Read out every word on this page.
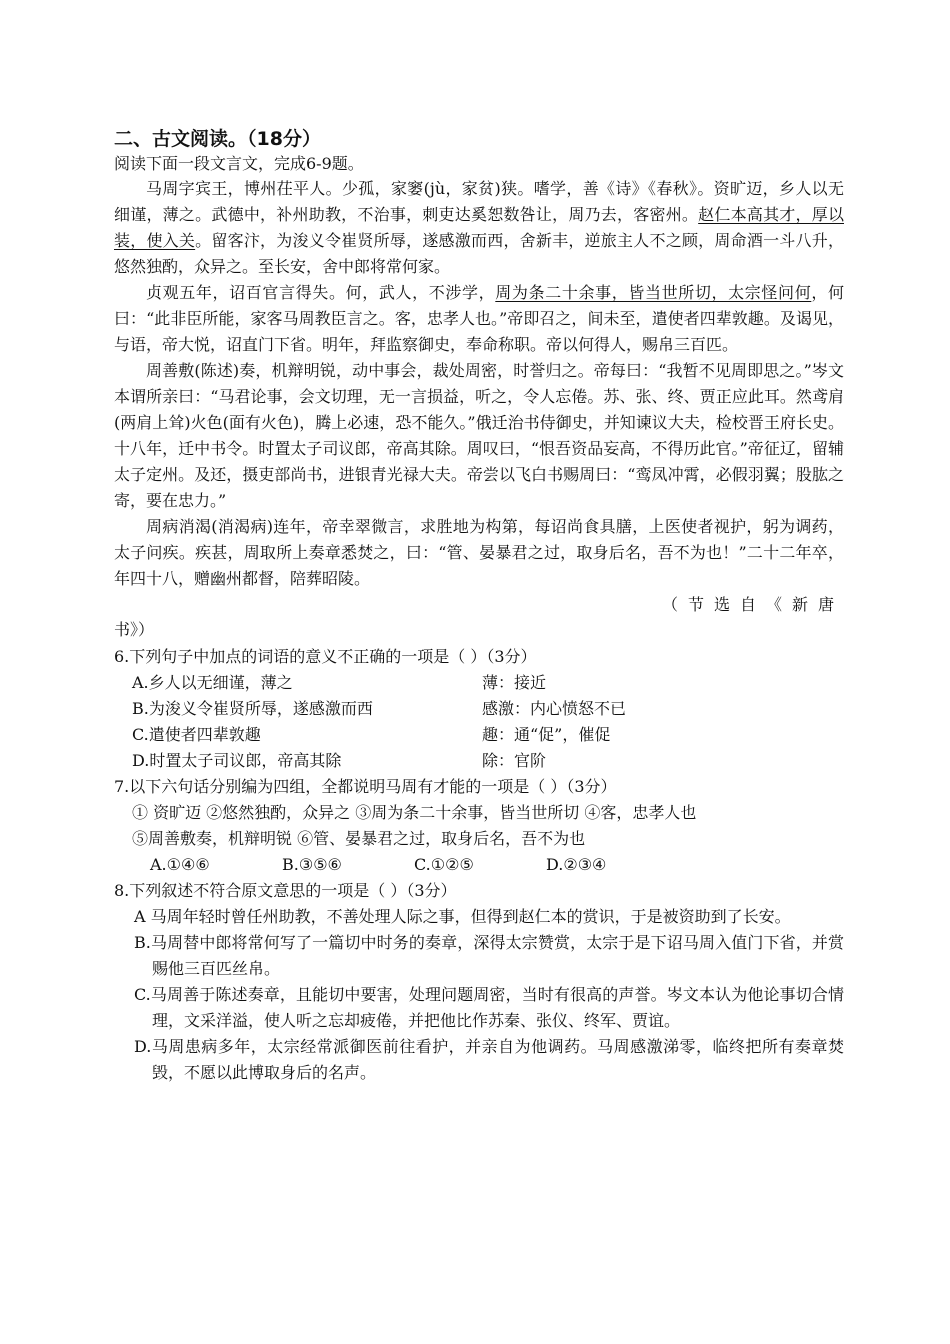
二、古文阅读。（18分）

阅读下面一段文言文，完成6-9题。

马周字宾王，博州茌平人。少孤，家窭(jù，家贫)狭。嗜学，善《诗》《春秋》。资旷迈，乡人以无细谨，薄之。武德中，补州助教，不治事，刺吏达奚恕数咎让，周乃去，客密州。赵仁本高其才，厚以装，使入关。留客汴，为浚义令崔贤所辱，遂感激而西，舍新丰，逆旅主人不之顾，周命酒一斗八升，悠然独酌，众异之。至长安，舍中郎将常何家。

贞观五年，诏百官言得失。何，武人，不涉学，周为条二十余事，皆当世所切，太宗怪问何，何曰：“此非臣所能，家客马周教臣言之。客，忠孝人也。”帝即召之，间未至，遣使者四辈敦趣。及谒见，与语，帝大悦，诏直门下省。明年，拜监察御史，奉命称职。帝以何得人，赐帛三百匹。

周善敷(陈述)奏，机辩明锐，动中事会，裁处周密，时誉归之。帝每曰：“我暂不见周即思之。”岑文本谓所亲曰：“马君论事，会文切理，无一言损益，听之，令人忘倦。苏、张、终、贾正应此耳。然鸢肩(两肩上耸)火色(面有火色)，腾上必速，恐不能久。”俄迁治书侍御史，并知谏议大夫，检校晋王府长史。十八年，迁中书令。时置太子司议郎，帝高其除。周叹曰，“恨吾资品妄高，不得历此官。”帝征辽，留辅太子定州。及还，摄吏部尚书，进银青光禄大夫。帝尝以飞白书赐周曰：“鸾凤冲霄，必假羽翼；股肱之寄，要在忠力。”

周病消渴(消渴病)连年，帝幸翠微言，求胜地为构第，每诏尚食具膳，上医使者视护，躬为调药，太子问疾。疾甚，周取所上奏章悉焚之，曰：“管、晏暴君之过，取身后名，吾不为也！”二十二年卒，年四十八，赠幽州都督，陪葬昭陵。

（节选自《新唐

书》）

6.下列句子中加点的词语的意义不正确的一项是（ ）（3分）

A.乡人以无细谨，薄之	薄：接近
B.为浚义令崔贤所辱，遂感激而西	感激：内心愤怒不已
C.遣使者四辈敦趣	趣：通“促”，催促
D.时置太子司议郎，帝高其除	除：官阶

7.以下六句话分别编为四组，全都说明马周有才能的一项是（ ）（3分）

① 资旷迈 ②悠然独酌，众异之 ③周为条二十余事，皆当世所切 ④客，忠孝人也

⑤周善敷奏，机辩明锐 ⑥管、晏暴君之过，取身后名，吾不为也

A.①④⑥	B.③⑤⑥	C.①②⑤	D.②③④

8.下列叙述不符合原文意思的一项是（ ）（3分）

A 马周年轻时曾任州助教，不善处理人际之事，但得到赵仁本的赏识，于是被资助到了长安。

B.马周替中郎将常何写了一篇切中时务的奏章，深得太宗赞赏，太宗于是下诏马周入值门下省，并赏赐他三百匹丝帛。

C.马周善于陈述奏章，且能切中要害，处理问题周密，当时有很高的声誉。岑文本认为他论事切合情理，文采洋溢，使人听之忘却疲倦，并把他比作苏秦、张仪、终军、贾谊。

D.马周患病多年，太宗经常派御医前往看护，并亲自为他调药。马周感激涕零，临终把所有奏章焚毁，不愿以此博取身后的名声。
